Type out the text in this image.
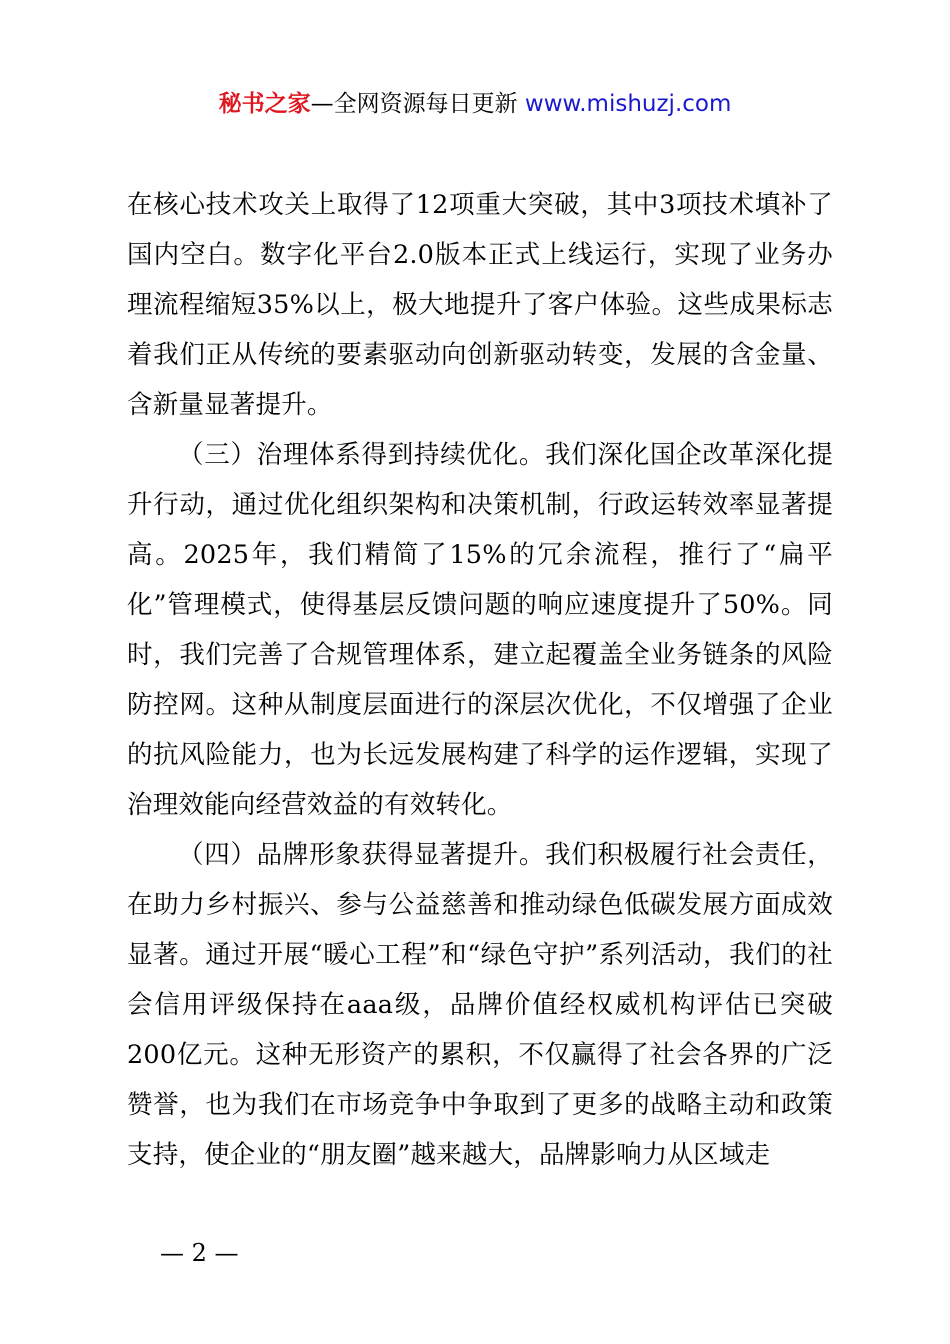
秘书之家—全网资源每日更新 www.mishuzj.com

在核心技术攻关上取得了12项重大突破，其中3项技术填补了国内空白。数字化平台2.0版本正式上线运行，实现了业务办理流程缩短35%以上，极大地提升了客户体验。这些成果标志着我们正从传统的要素驱动向创新驱动转变，发展的含金量、含新量显著提升。

（三）治理体系得到持续优化。我们深化国企改革深化提升行动，通过优化组织架构和决策机制，行政运转效率显著提高。2025年，我们精简了15%的冗余流程，推行了“扁平化”管理模式，使得基层反馈问题的响应速度提升了50%。同时，我们完善了合规管理体系，建立起覆盖全业务链条的风险防控网。这种从制度层面进行的深层次优化，不仅增强了企业的抗风险能力，也为长远发展构建了科学的运作逻辑，实现了治理效能向经营效益的有效转化。

（四）品牌形象获得显著提升。我们积极履行社会责任，在助力乡村振兴、参与公益慈善和推动绿色低碳发展方面成效显著。通过开展“暖心工程”和“绿色守护”系列活动，我们的社会信用评级保持在aaa级，品牌价值经权威机构评估已突破200亿元。这种无形资产的累积，不仅赢得了社会各界的广泛赞誉，也为我们在市场竞争中争取到了更多的战略主动和政策支持，使企业的“朋友圈”越来越大，品牌影响力从区域走

— 2 —
